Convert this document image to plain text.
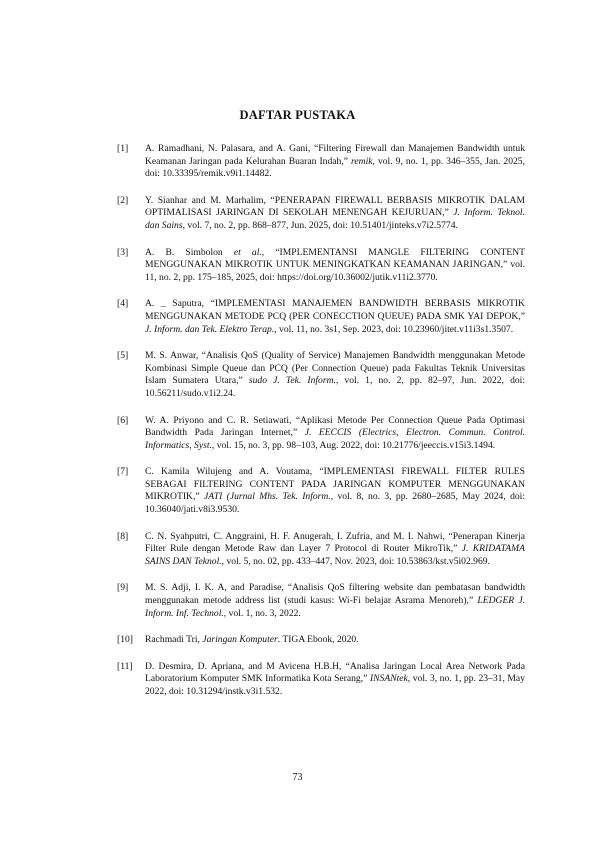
DAFTAR PUSTAKA
[1]	A. Ramadhani, N. Palasara, and A. Gani, “Filtering Firewall dan Manajemen Bandwidth untuk Keamanan Jaringan pada Kelurahan Buaran Indah,” remik, vol. 9, no. 1, pp. 346–355, Jan. 2025, doi: 10.33395/remik.v9i1.14482.

[2]	Y. Sianhar and M. Marhalim, “PENERAPAN FIREWALL BERBASIS MIKROTIK DALAM OPTIMALISASI JARINGAN DI SEKOLAH MENENGAH KEJURUAN,” J. Inform. Teknol. dan Sains, vol. 7, no. 2, pp. 868–877, Jun. 2025, doi: 10.51401/jinteks.v7i2.5774.

[3]	A. B. Simbolon et al., “IMPLEMENTANSI MANGLE FILTERING CONTENT MENGGUNAKAN MIKROTIK UNTUK MENINGKATKAN KEAMANAN JARINGAN,” vol. 11, no. 2, pp. 175–185, 2025, doi: https://doi.org/10.36002/jutik.v11i2.3770.

[4]	A. _ Saputra, “IMPLEMENTASI MANAJEMEN BANDWIDTH BERBASIS MIKROTIK MENGGUNAKAN METODE PCQ (PER CONECCTION QUEUE) PADA SMK YAI DEPOK,” J. Inform. dan Tek. Elektro Terap., vol. 11, no. 3s1, Sep. 2023, doi: 10.23960/jitet.v11i3s1.3507.

[5]	M. S. Anwar, “Analisis QoS (Quality of Service) Manajemen Bandwidth menggunakan Metode Kombinasi Simple Queue dan PCQ (Per Connection Queue) pada Fakultas Teknik Universitas Islam Sumatera Utara,” sudo J. Tek. Inform., vol. 1, no. 2, pp. 82–97, Jun. 2022, doi: 10.56211/sudo.v1i2.24.

[6]	W. A. Priyono and C. R. Setiawati, “Aplikasi Metode Per Connection Queue Pada Optimasi Bandwidth Pada Jaringan Internet,” J. EECCIS (Electrics, Electron. Commun. Control. Informatics, Syst., vol. 15, no. 3, pp. 98–103, Aug. 2022, doi: 10.21776/jeeccis.v15i3.1494.

[7]	C. Kamila Wilujeng and A. Voutama, “IMPLEMENTASI FIREWALL FILTER RULES SEBAGAI FILTERING CONTENT PADA JARINGAN KOMPUTER MENGGUNAKAN MIKROTIK,” JATI (Jurnal Mhs. Tek. Inform., vol. 8, no. 3, pp. 2680–2685, May 2024, doi: 10.36040/jati.v8i3.9530.

[8]	C. N. Syahputri, C. Anggraini, H. F. Anugerah, I. Zufria, and M. I. Nahwi, “Penerapan Kinerja Filter Rule dengan Metode Raw dan Layer 7 Protocol di Router MikroTik,” J. KRIDATAMA SAINS DAN Teknol., vol. 5, no. 02, pp. 433–447, Nov. 2023, doi: 10.53863/kst.v5i02.969.

[9]	M. S. Adji, I. K. A, and Paradise, “Analisis QoS filtering website dan pembatasan bandwidth menggunakan metode address list (studi kasus: Wi-Fi belajar Asrama Menoreh),” LEDGER J. Inform. Inf. Technol., vol. 1, no. 3, 2022.

[10]	Rachmadi Tri, Jaringan Komputer. TIGA Ebook, 2020.

[11]	D. Desmira, D. Apriana, and M Avicena H.B.H, “Analisa Jaringan Local Area Network Pada Laboratorium Komputer SMK Informatika Kota Serang,” INSANtek, vol. 3, no. 1, pp. 23–31, May 2022, doi: 10.31294/instk.v3i1.532.

73
